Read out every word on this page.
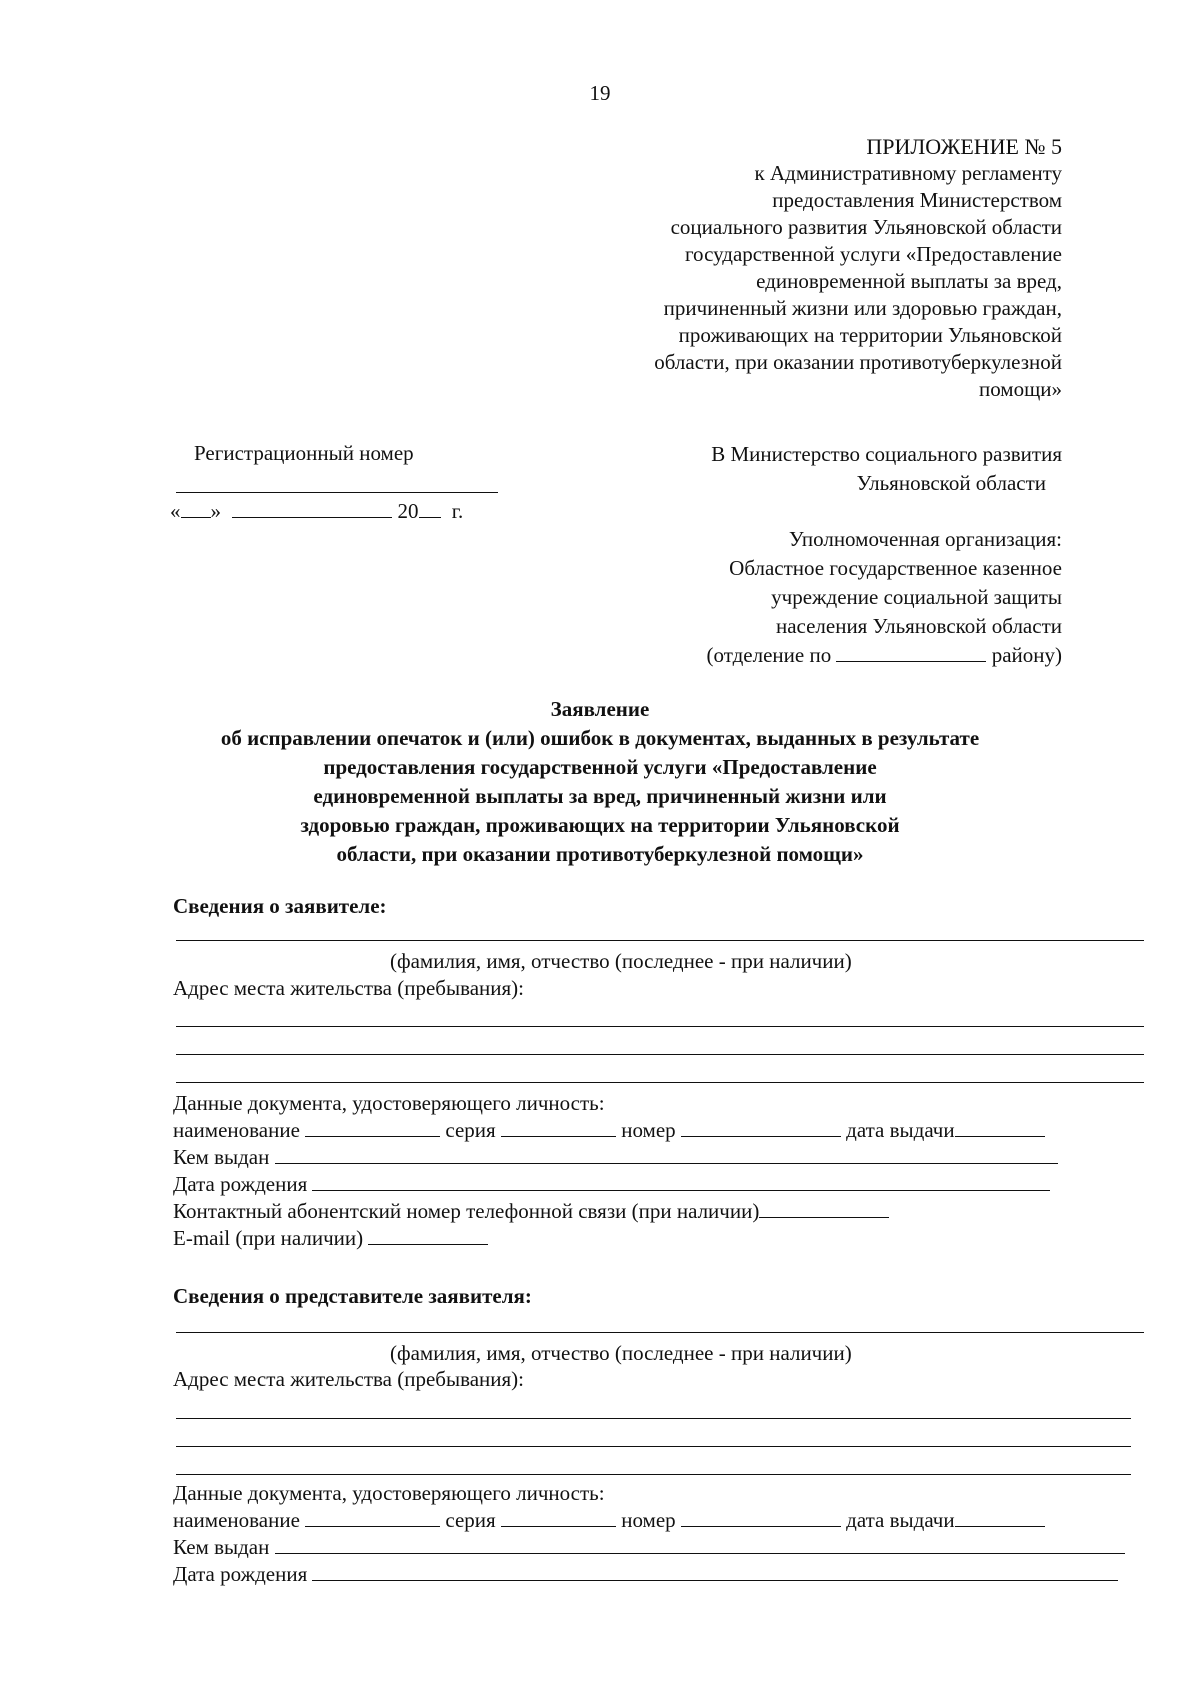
19
ПРИЛОЖЕНИЕ № 5
к Административному регламенту
предоставления Министерством
социального развития Ульяновской области
государственной услуги «Предоставление
единовременной выплаты за вред,
причиненный жизни или здоровью граждан,
проживающих на территории Ульяновской
области, при оказании противотуберкулезной
помощи»
Регистрационный номер
« »	20 г.
В Министерство социального развития
Ульяновской области
Уполномоченная организация:
Областное государственное казенное
учреждение социальной защиты
населения Ульяновской области
(отделение по	району)
Заявление
об исправлении опечаток и (или) ошибок в документах, выданных в результате
предоставления государственной услуги «Предоставление
единовременной выплаты за вред, причиненный жизни или
здоровью граждан, проживающих на территории Ульяновской
области, при оказании противотуберкулезной помощи»
Сведения о заявителе:
(фамилия, имя, отчество (последнее - при наличии)
Адрес места жительства (пребывания):
Данные документа, удостоверяющего личность:
наименование	серия	номер	дата выдачи
Кем выдан
Дата рождения
Контактный абонентский номер телефонной связи (при наличии)
E-mail (при наличии)
Сведения о представителе заявителя:
(фамилия, имя, отчество (последнее - при наличии)
Адрес места жительства (пребывания):
Данные документа, удостоверяющего личность:
наименование	серия	номер	дата выдачи
Кем выдан
Дата рождения
